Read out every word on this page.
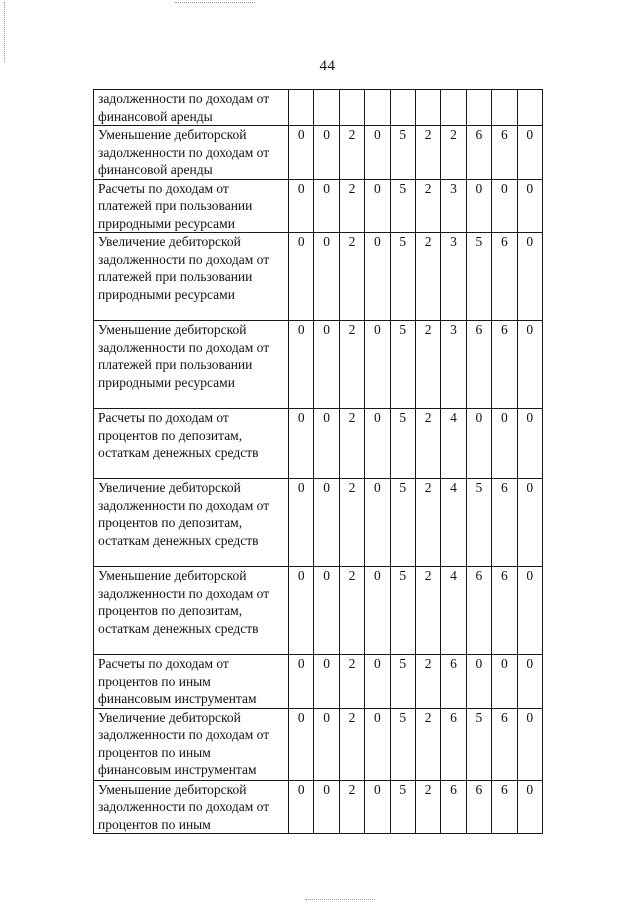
44
задолженности по доходам от финансовой аренды										
Уменьшение дебиторской задолженности по доходам от финансовой аренды	0	0	2	0	5	2	2	6	6	0
Расчеты по доходам от платежей при пользовании природными ресурсами	0	0	2	0	5	2	3	0	0	0
Увеличение дебиторской задолженности по доходам от платежей при пользовании природными ресурсами	0	0	2	0	5	2	3	5	6	0
Уменьшение дебиторской задолженности по доходам от платежей при пользовании природными ресурсами	0	0	2	0	5	2	3	6	6	0
Расчеты по доходам от процентов по депозитам, остаткам денежных средств	0	0	2	0	5	2	4	0	0	0
Увеличение дебиторской задолженности по доходам от процентов по депозитам, остаткам денежных средств	0	0	2	0	5	2	4	5	6	0
Уменьшение дебиторской задолженности по доходам от процентов по депозитам, остаткам денежных средств	0	0	2	0	5	2	4	6	6	0
Расчеты по доходам от процентов по иным финансовым инструментам	0	0	2	0	5	2	6	0	0	0
Увеличение дебиторской задолженности по доходам от процентов по иным финансовым инструментам	0	0	2	0	5	2	6	5	6	0
Уменьшение дебиторской задолженности по доходам от процентов по иным	0	0	2	0	5	2	6	6	6	0
